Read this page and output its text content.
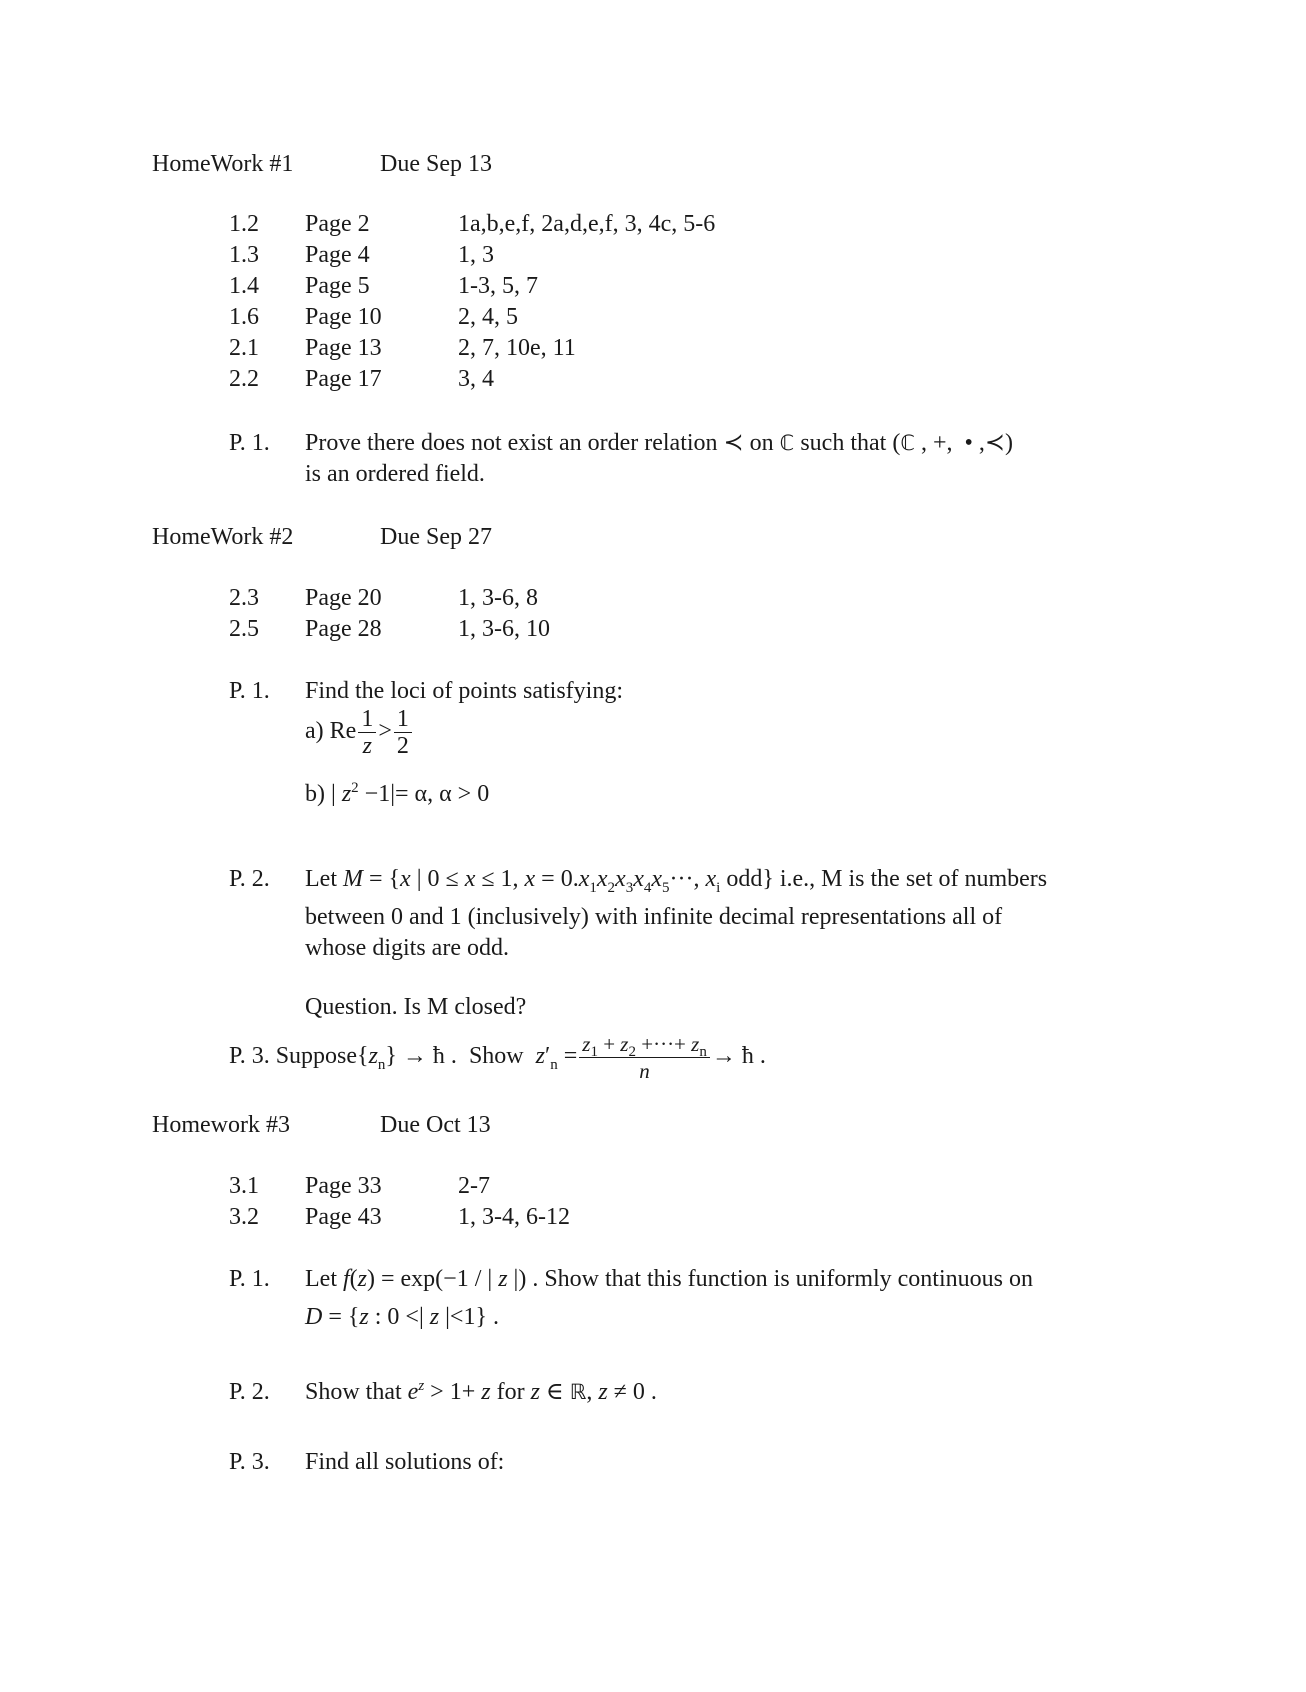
HomeWork #1	Due Sep 13
1.2 Page 2	1a,b,e,f, 2a,d,e,f, 3, 4c, 5-6
1.3 Page 4	1, 3
1.4 Page 5	1-3, 5, 7
1.6 Page 10	2, 4, 5
2.1 Page 13	2, 7, 10e, 11
2.2 Page 17	3, 4
P. 1. Prove there does not exist an order relation ≺ on ℂ such that (ℂ , +,  • ,≺)
is an ordered field.
HomeWork #2	Due Sep 27
2.3 Page 20	1, 3-6, 8
2.5 Page 28	1, 3-6, 10
P. 1. Find the loci of points satisfying:
a) Re $\frac{1}{z} > \frac{1}{2}$
b) | $z^2 -1|= \alpha$, α > 0
P. 2. Let M = {x | 0 ≤ x ≤ 1, $x = 0.x_1x_2x_3x_4x_5\cdot\cdot\cdot$, $x_i$ odd} i.e., M is the set of numbers
between 0 and 1 (inclusively) with infinite decimal representations all of
whose digits are odd.
Question. Is M closed?
P. 3. $Suppose\{z_n\} \to ћ$ . Show $z'_n = \frac{z_1 + z_2 +\cdot\cdot\cdot+ z_n}{n} \to ћ$ .
Homework #3	Due Oct 13
3.1 Page 33	2-7
3.2 Page 43	1, 3-4, 6-12
P. 1. Let f(z) = exp(−1 / | z |) . Show that this function is uniformly continuous on
D = {z : 0 <| z |<1} .
P. 2. Show that $e^z > 1+ z$ for z ∈ ℝ, z ≠ 0 .
P. 3. Find all solutions of:
